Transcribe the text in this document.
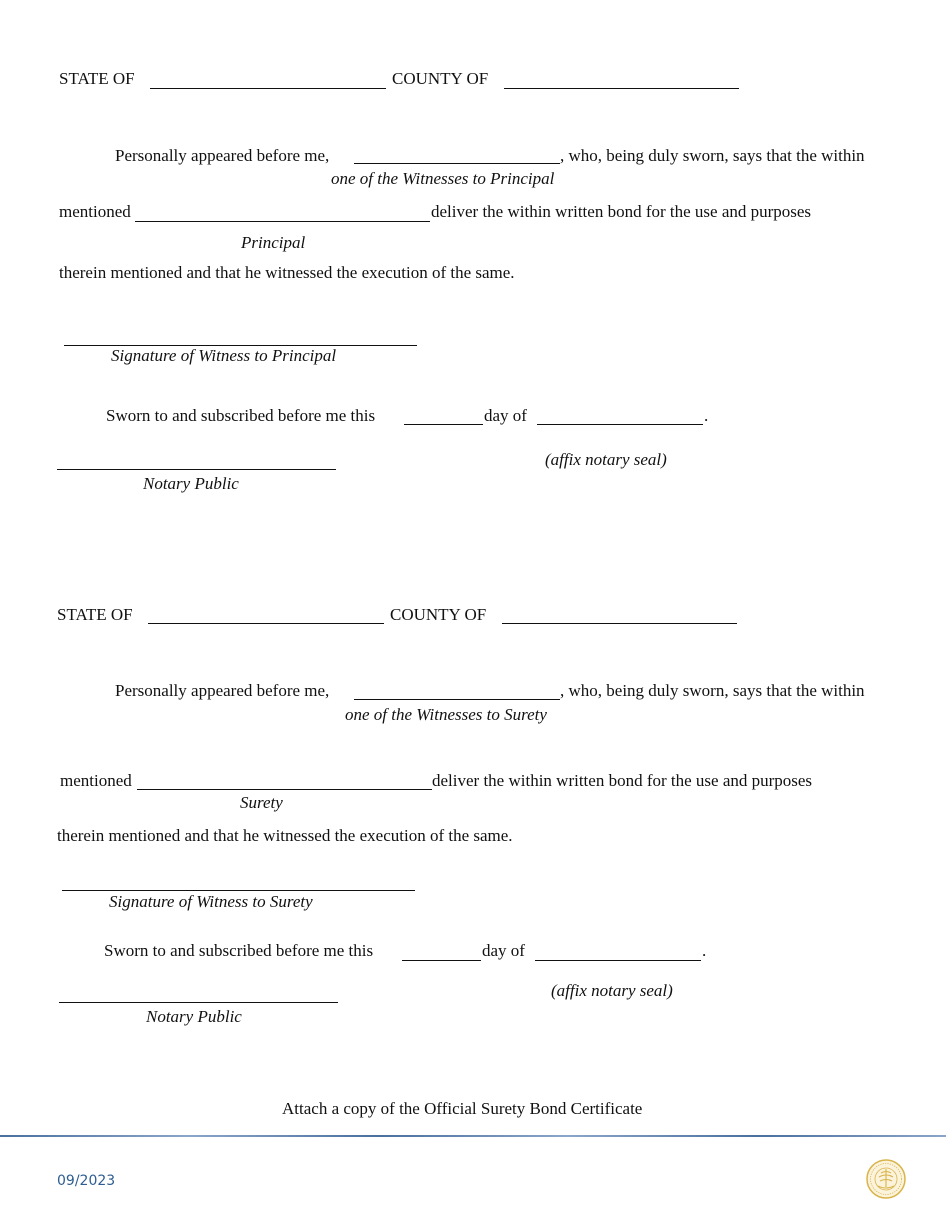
STATE OF	COUNTY OF
Personally appeared before me,	, who, being duly sworn, says that the within
one of the Witnesses to Principal
mentioned	deliver the within written bond for the use and purposes
Principal
therein mentioned and that he witnessed the execution of the same.
Signature of Witness to Principal
Sworn to and subscribed before me this	day of	.
(affix notary seal)
Notary Public
STATE OF	COUNTY OF
Personally appeared before me,	, who, being duly sworn, says that the within
one of the Witnesses to Surety
mentioned	deliver the within written bond for the use and purposes
Surety
therein mentioned and that he witnessed the execution of the same.
Signature of Witness to Surety
Sworn to and subscribed before me this	day of	.
(affix notary seal)
Notary Public
Attach a copy of the Official Surety Bond Certificate
09/2023
